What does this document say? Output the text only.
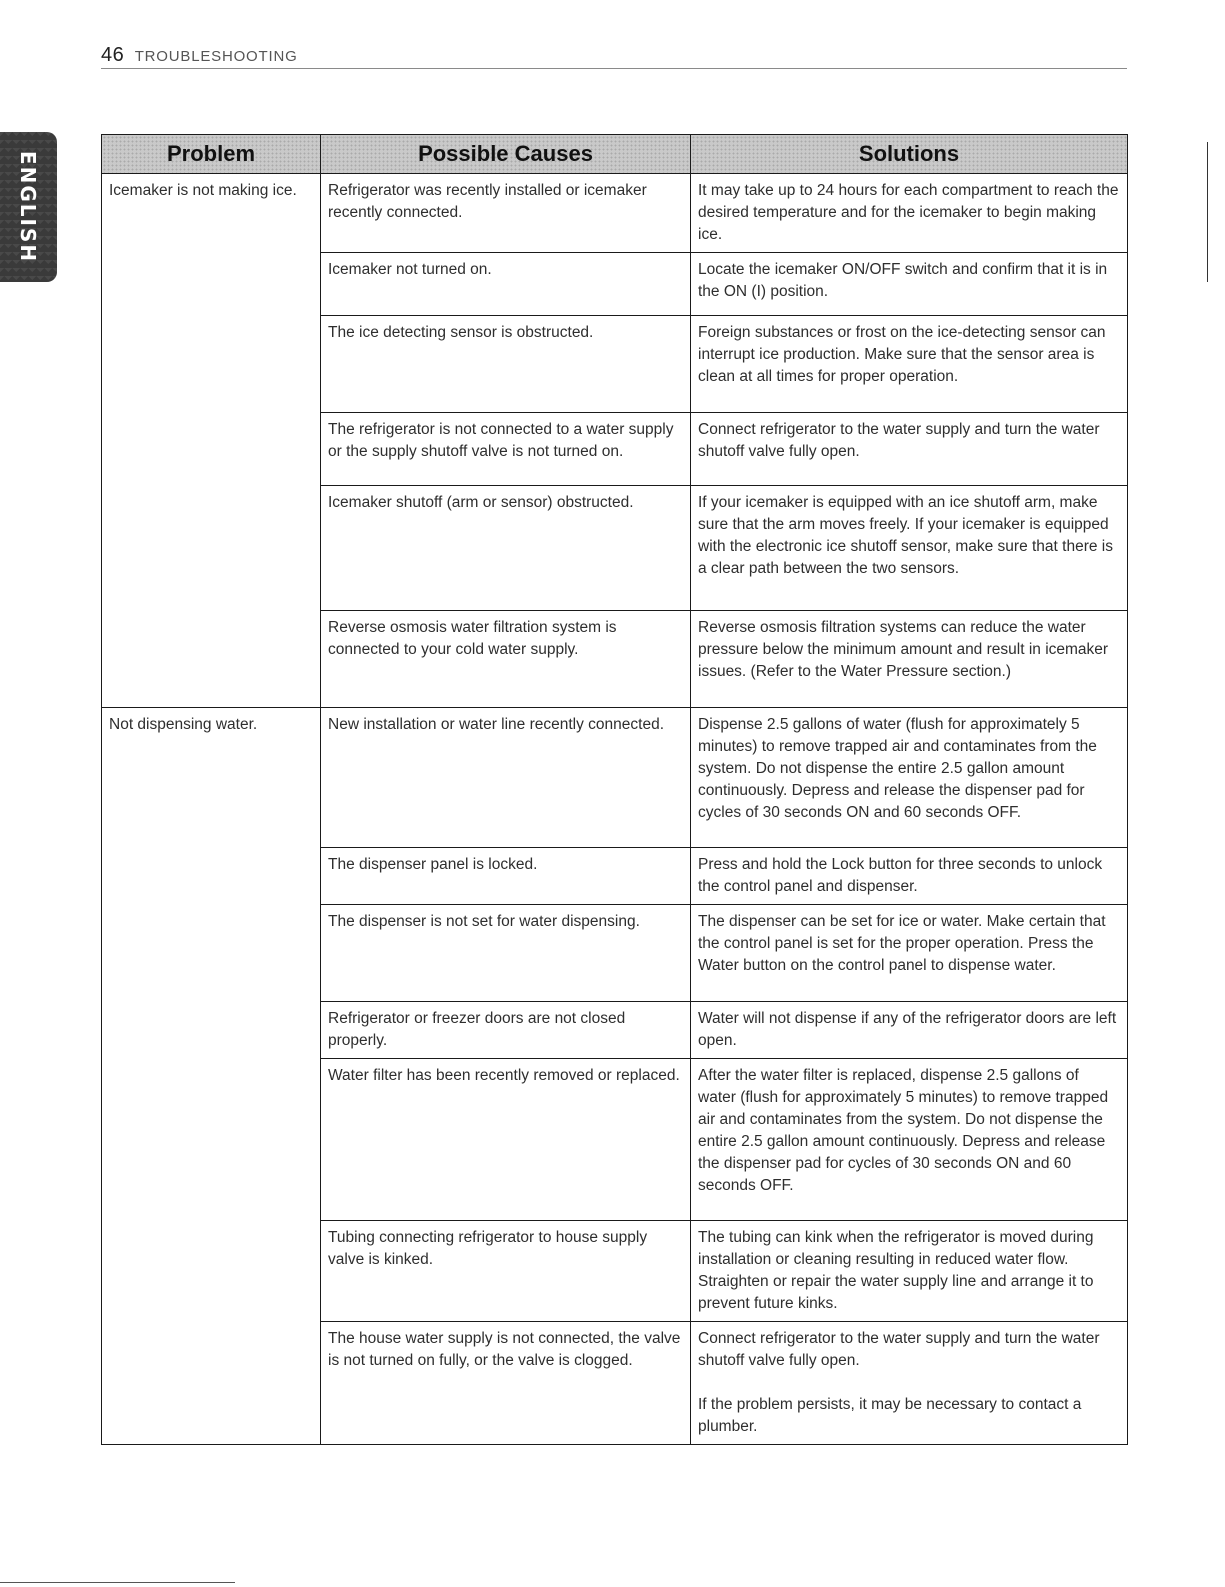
46 TROUBLESHOOTING
ENGLISH	Problem	Possible Causes	Solutions
Icemaker is not making ice.	Refrigerator was recently installed or icemaker recently connected.	It may take up to 24 hours for each compartment to reach the desired temperature and for the icemaker to begin making ice.
	Icemaker not turned on.	Locate the icemaker ON/OFF switch and confirm that it is in the ON (I) position.
	The ice detecting sensor is obstructed.	Foreign substances or frost on the ice-detecting sensor can interrupt ice production. Make sure that the sensor area is clean at all times for proper operation.
	The refrigerator is not connected to a water supply or the supply shutoff valve is not turned on.	Connect refrigerator to the water supply and turn the water shutoff valve fully open.
	Icemaker shutoff (arm or sensor) obstructed.	If your icemaker is equipped with an ice shutoff arm, make sure that the arm moves freely. If your icemaker is equipped with the electronic ice shutoff sensor, make sure that there is a clear path between the two sensors.
	Reverse osmosis water filtration system is connected to your cold water supply.	Reverse osmosis filtration systems can reduce the water pressure below the minimum amount and result in icemaker issues. (Refer to the Water Pressure section.)
Not dispensing water.	New installation or water line recently connected.	Dispense 2.5 gallons of water (flush for approximately 5 minutes) to remove trapped air and contaminates from the system. Do not dispense the entire 2.5 gallon amount continuously. Depress and release the dispenser pad for cycles of 30 seconds ON and 60 seconds OFF.
	The dispenser panel is locked.	Press and hold the Lock button for three seconds to unlock the control panel and dispenser.
	The dispenser is not set for water dispensing.	The dispenser can be set for ice or water. Make certain that the control panel is set for the proper operation. Press the Water button on the control panel to dispense water.
	Refrigerator or freezer doors are not closed properly.	Water will not dispense if any of the refrigerator doors are left open.
	Water filter has been recently removed or replaced.	After the water filter is replaced, dispense 2.5 gallons of water (flush for approximately 5 minutes) to remove trapped air and contaminates from the system. Do not dispense the entire 2.5 gallon amount continuously. Depress and release the dispenser pad for cycles of 30 seconds ON and 60 seconds OFF.
	Tubing connecting refrigerator to house supply valve is kinked.	The tubing can kink when the refrigerator is moved during installation or cleaning resulting in reduced water flow. Straighten or repair the water supply line and arrange it to prevent future kinks.
	The house water supply is not connected, the valve is not turned on fully, or the valve is clogged.	Connect refrigerator to the water supply and turn the water shutoff valve fully open.
If the problem persists, it may be necessary to contact a plumber.
